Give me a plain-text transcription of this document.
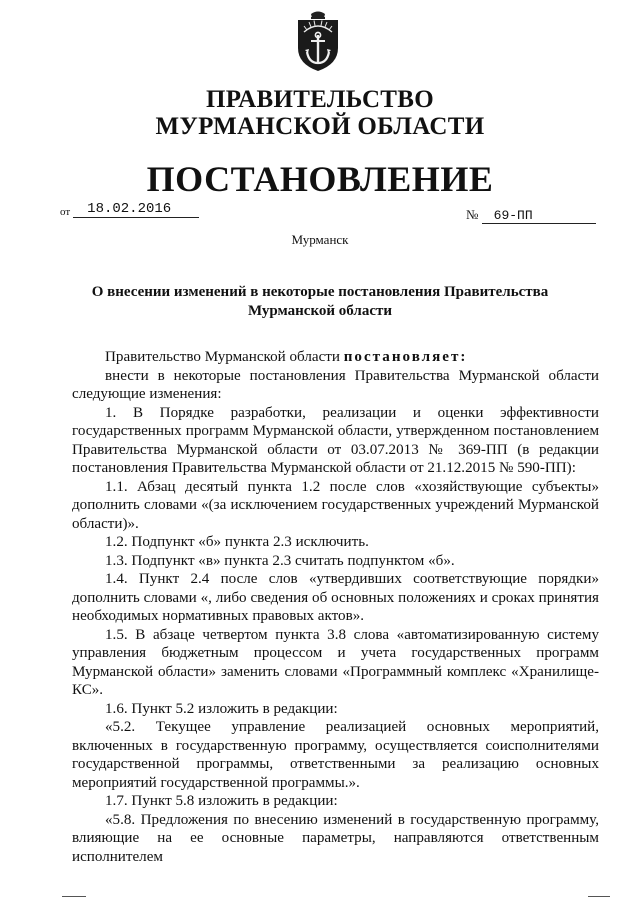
ПРАВИТЕЛЬСТВО
МУРМАНСКОЙ ОБЛАСТИ
ПОСТАНОВЛЕНИЕ
от 18.02.2016	№ 69-ПП
Мурманск
О внесении изменений в некоторые постановления Правительства
Мурманской области

Правительство Мурманской области постановляет:

внести в некоторые постановления Правительства Мурманской области следующие изменения:

1. В Порядке разработки, реализации и оценки эффективности государственных программ Мурманской области, утвержденном постановлением Правительства Мурманской области от 03.07.2013 № 369-ПП (в редакции постановления Правительства Мурманской области от 21.12.2015 № 590-ПП):

1.1. Абзац десятый пункта 1.2 после слов «хозяйствующие субъекты» дополнить словами «(за исключением государственных учреждений Мурманской области)».

1.2. Подпункт «б» пункта 2.3 исключить.

1.3. Подпункт «в» пункта 2.3 считать подпунктом «б».

1.4. Пункт 2.4 после слов «утвердивших соответствующие порядки» дополнить словами «, либо сведения об основных положениях и сроках принятия необходимых нормативных правовых актов».

1.5. В абзаце четвертом пункта 3.8 слова «автоматизированную систему управления бюджетным процессом и учета государственных программ Мурманской области» заменить словами «Программный комплекс «Хранилище-КС».

1.6. Пункт 5.2 изложить в редакции:

«5.2. Текущее управление реализацией основных мероприятий, включенных в государственную программу, осуществляется соисполнителями государственной программы, ответственными за реализацию основных мероприятий государственной программы.».

1.7. Пункт 5.8 изложить в редакции:

«5.8. Предложения по внесению изменений в государственную программу, влияющие на ее основные параметры, направляются ответственным исполнителем
